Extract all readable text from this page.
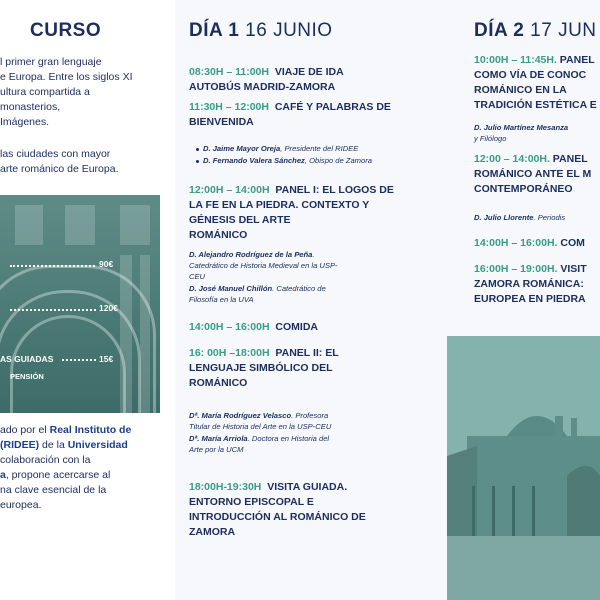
CURSO
l primer gran lenguaje
e Europa. Entre los siglos XI
ultura compartida a
monasterios,
Imágenes.
las ciudades con mayor
arte románico de Europa.
90€
120€
AS GUIADAS	15€
PENSIÓN
ado por el Real Instituto de
(RIDEE) de la Universidad
colaboración con la
a, propone acercarse al
na clave esencial de la
europea.
DÍA 1 16 JUNIO
08:30H – 11:00H VIAJE DE IDA
AUTOBÚS MADRID-ZAMORA
11:30H – 12:00H CAFÉ Y PALABRAS DE
BIENVENIDA
D. Jaime Mayor Oreja, Presidente del RIDEE
D. Fernando Valera Sánchez, Obispo de Zamora
12:00H – 14:00H PANEL I: EL LOGOS DE
LA FE EN LA PIEDRA. CONTEXTO Y
GÉNESIS DEL ARTE
ROMÁNICO
D. Alejandro Rodríguez de la Peña.
Catedrático de Historia Medieval en la USP-
CEU
D. José Manuel Chillón. Catedrático de
Filosofía en la UVA
14:00H – 16:00H COMIDA
16: 00H –18:00H PANEL II: EL
LENGUAJE SIMBÓLICO DEL
ROMÁNICO
Dª. María Rodríguez Velasco. Profesora
Titular de Historia del Arte en la USP-CEU
Dª. María Arriola. Doctora en Historia del
Arte por la UCM
18:00H-19:30H VISITA GUIADA.
ENTORNO EPISCOPAL E
INTRODUCCIÓN AL ROMÁNICO DE
ZAMORA
DÍA 2 17 JUN
10:00H – 11:45H. PANEL
COMO VÍA DE CONOC
ROMÁNICO EN LA
TRADICIÓN ESTÉTICA E
D. Julio Martínez Mesanza
y Filólogo
12:00 – 14:00H. PANEL
ROMÁNICO ANTE EL M
CONTEMPORÁNEO
D. Julio Llorente. Periodis
14:00H – 16:00H. COM
16:00H – 19:00H. VISIT
ZAMORA ROMÁNICA:
EUROPEA EN PIEDRA
